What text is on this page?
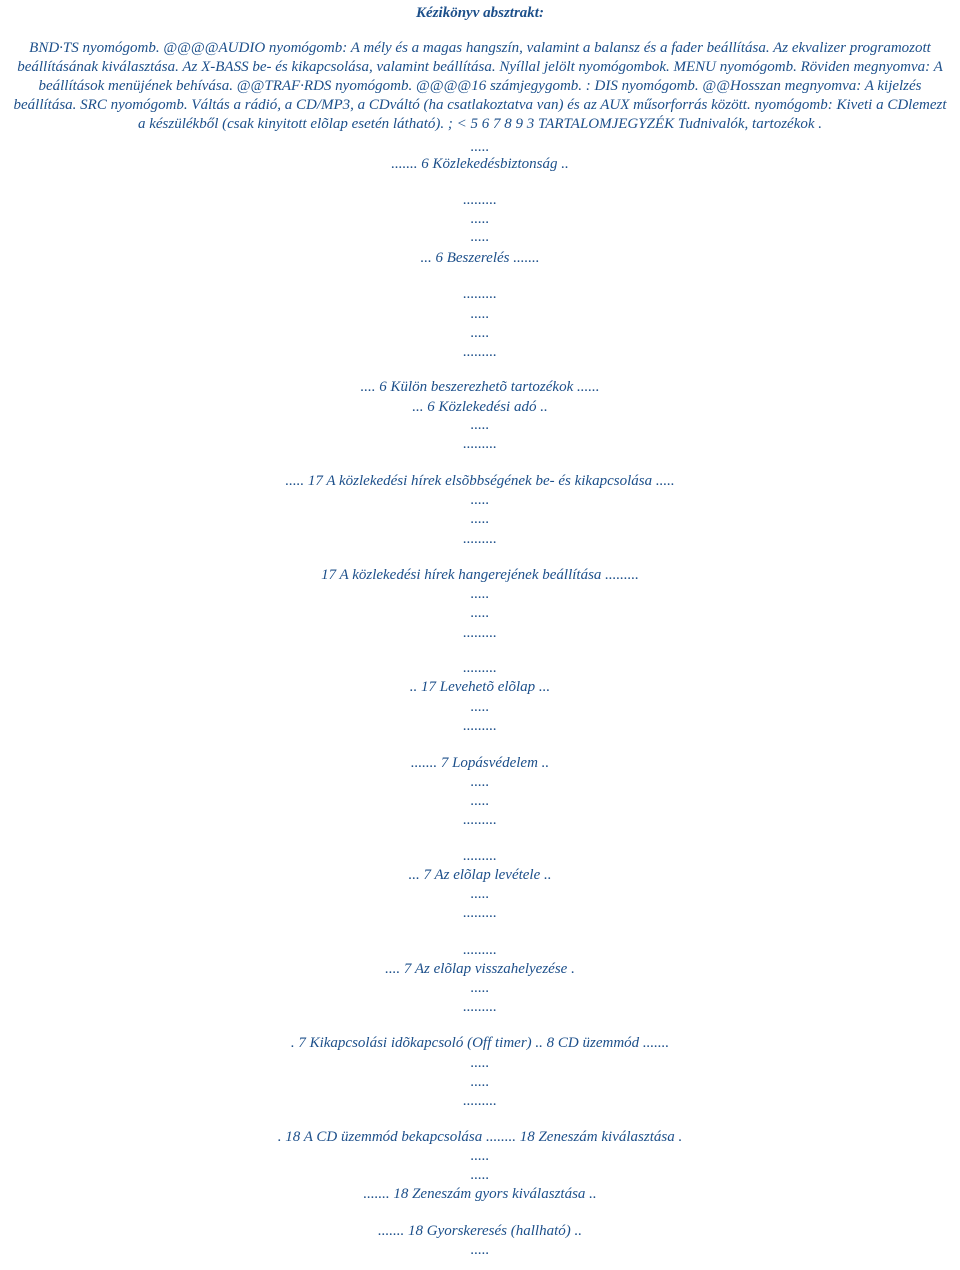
Kézikönyv absztrakt:
BND·TS nyomógomb. @@@@AUDIO nyomógomb: A mély és a magas hangszín, valamint a balansz és a fader beállítása. Az ekvalizer programozott beállításának kiválasztása. Az X-BASS be- és kikapcsolása, valamint beállítása. Nyíllal jelölt nyomógombok. MENU nyomógomb. Röviden megnyomva: A beállítások menüjének behívása. @@TRAF·RDS nyomógomb. @@@@16 számjegygomb. : DIS nyomógomb. @@Hosszan megnyomva: A kijelzés beállítása. SRC nyomógomb. Váltás a rádió, a CD/MP3, a CDváltó (ha csatlakoztatva van) és az AUX műsorforrás között. nyomógomb: Kiveti a CDlemezt a készülékből (csak kinyitott elõlap esetén látható). ; < 5 6 7 8 9 3 TARTALOMJEGYZÉK Tudnivalók, tartozékok .
.....
....... 6 Közlekedésbiztonság ..
.........
.....
.....
... 6 Beszerelés .......
.........
.....
.....
.........
.... 6 Külön beszerezhetõ tartozékok ......
... 6 Közlekedési adó ..
.....
.........
..... 17 A közlekedési hírek elsõbbségének be- és kikapcsolása .....
.....
.....
.........
17 A közlekedési hírek hangerejének beállítása .........
.....
.....
.........
.........
.. 17 Levehetõ elõlap ...
.....
.........
....... 7 Lopásvédelem ..
.....
.....
.........
.........
... 7 Az elõlap levétele ..
.....
.........
.........
.... 7 Az elõlap visszahelyezése .
.....
.........
. 7 Kikapcsolási idõkapcsoló (Off timer) .. 8 CD üzemmód .......
.....
.....
.........
. 18 A CD üzemmód bekapcsolása ........ 18 Zeneszám kiválasztása .
.....
.....
....... 18 Zeneszám gyors kiválasztása ..
....... 18 Gyorskeresés (hallható) ..
.....
